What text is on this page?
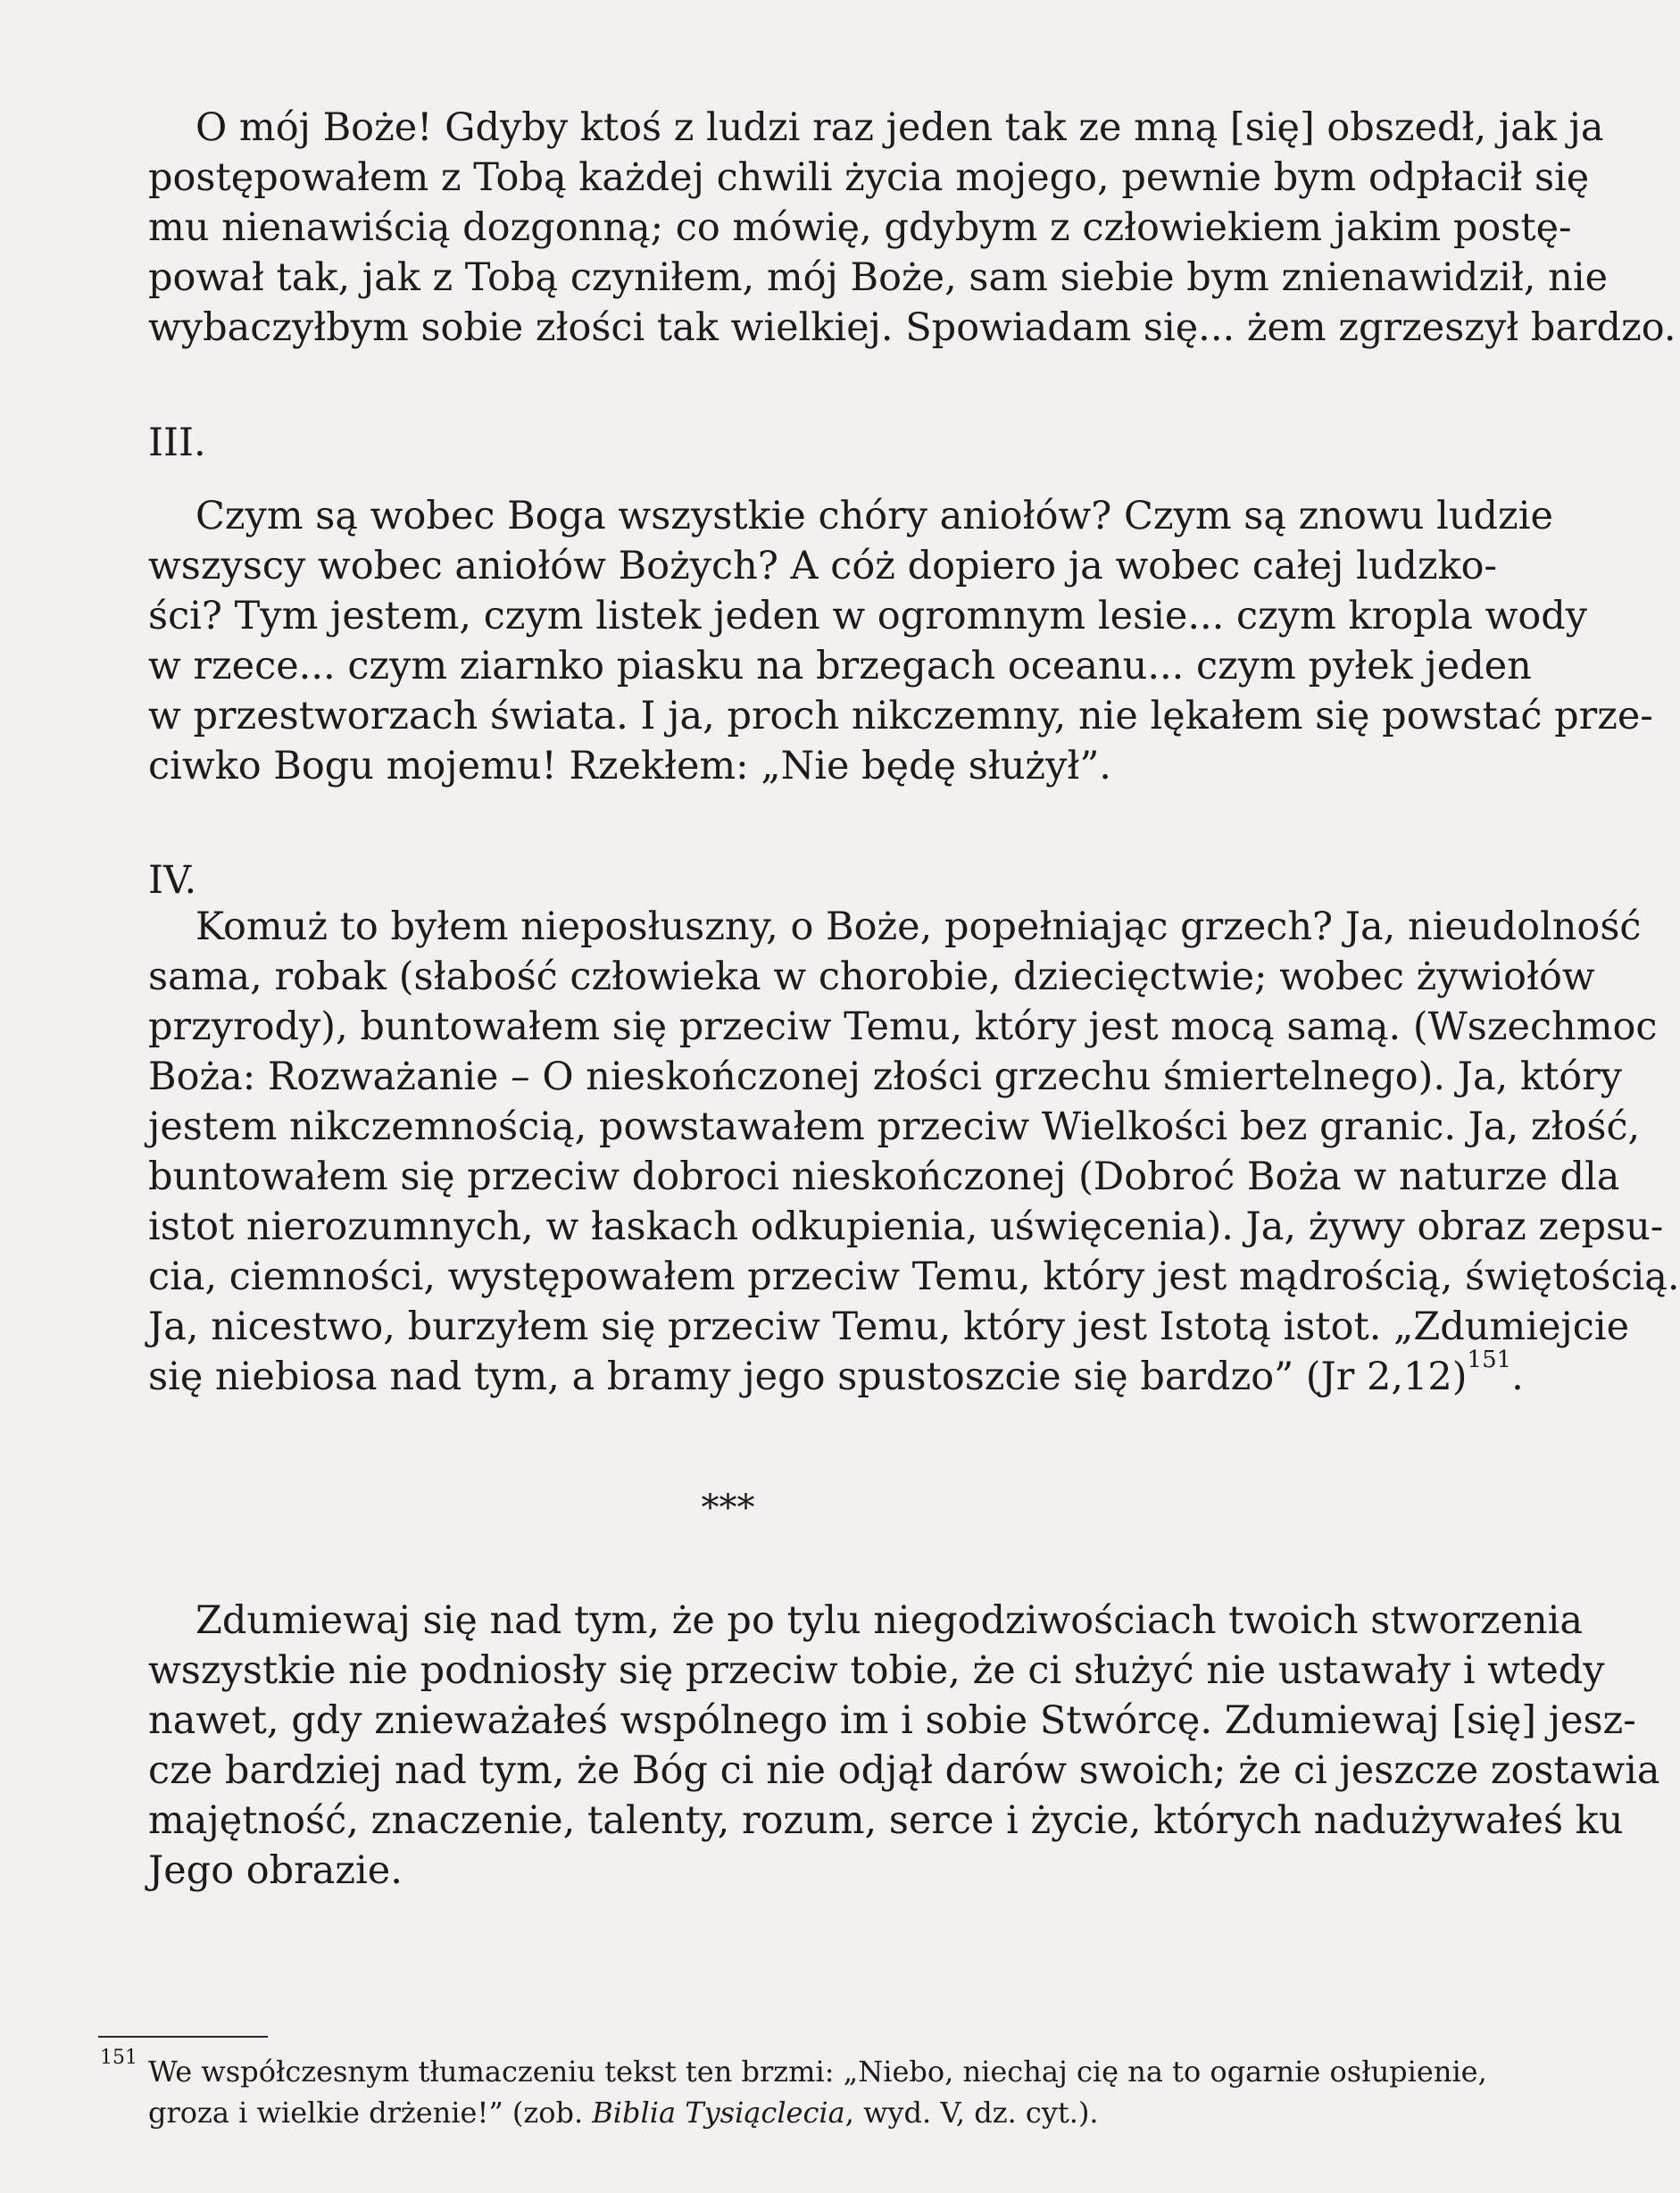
O mój Boże! Gdyby ktoś z ludzi raz jeden tak ze mną [się] obszedł, jak ja
postępowałem z Tobą każdej chwili życia mojego, pewnie bym odpłacił się
mu nienawiścią dozgonną; co mówię, gdybym z człowiekiem jakim postę-
pował tak, jak z Tobą czyniłem, mój Boże, sam siebie bym znienawidził, nie
wybaczyłbym sobie złości tak wielkiej. Spowiadam się... żem zgrzeszył bardzo.
III.
Czym są wobec Boga wszystkie chóry aniołów? Czym są znowu ludzie
wszyscy wobec aniołów Bożych? A cóż dopiero ja wobec całej ludzko-
ści? Tym jestem, czym listek jeden w ogromnym lesie... czym kropla wody
w rzece... czym ziarnko piasku na brzegach oceanu... czym pyłek jeden
w przestworzach świata. I ja, proch nikczemny, nie lękałem się powstać prze-
ciwko Bogu mojemu! Rzekłem: „Nie będę służył”.
IV.
Komuż to byłem nieposłuszny, o Boże, popełniając grzech? Ja, nieudolność
sama, robak (słabość człowieka w chorobie, dziecięctwie; wobec żywiołów
przyrody), buntowałem się przeciw Temu, który jest mocą samą. (Wszechmoc
Boża: Rozważanie – O nieskończonej złości grzechu śmiertelnego). Ja, który
jestem nikczemnością, powstawałem przeciw Wielkości bez granic. Ja, złość,
buntowałem się przeciw dobroci nieskończonej (Dobroć Boża w naturze dla
istot nierozumnych, w łaskach odkupienia, uświęcenia). Ja, żywy obraz zepsu-
cia, ciemności, występowałem przeciw Temu, który jest mądrością, świętością.
Ja, nicestwo, burzyłem się przeciw Temu, który jest Istotą istot. „Zdumiejcie
się niebiosa nad tym, a bramy jego spustoszcie się bardzo” (Jr 2,12)$^{151}$.
***
Zdumiewaj się nad tym, że po tylu niegodziwościach twoich stworzenia
wszystkie nie podniosły się przeciw tobie, że ci służyć nie ustawały i wtedy
nawet, gdy znieważałeś wspólnego im i sobie Stwórcę. Zdumiewaj [się] jesz-
cze bardziej nad tym, że Bóg ci nie odjął darów swoich; że ci jeszcze zostawia
majętność, znaczenie, talenty, rozum, serce i życie, których nadużywałeś ku
Jego obrazie.
151 We współczesnym tłumaczeniu tekst ten brzmi: „Niebo, niechaj cię na to ogarnie osłupienie,
groza i wielkie drżenie!” (zob. Biblia Tysiąclecia, wyd. V, dz. cyt.).
